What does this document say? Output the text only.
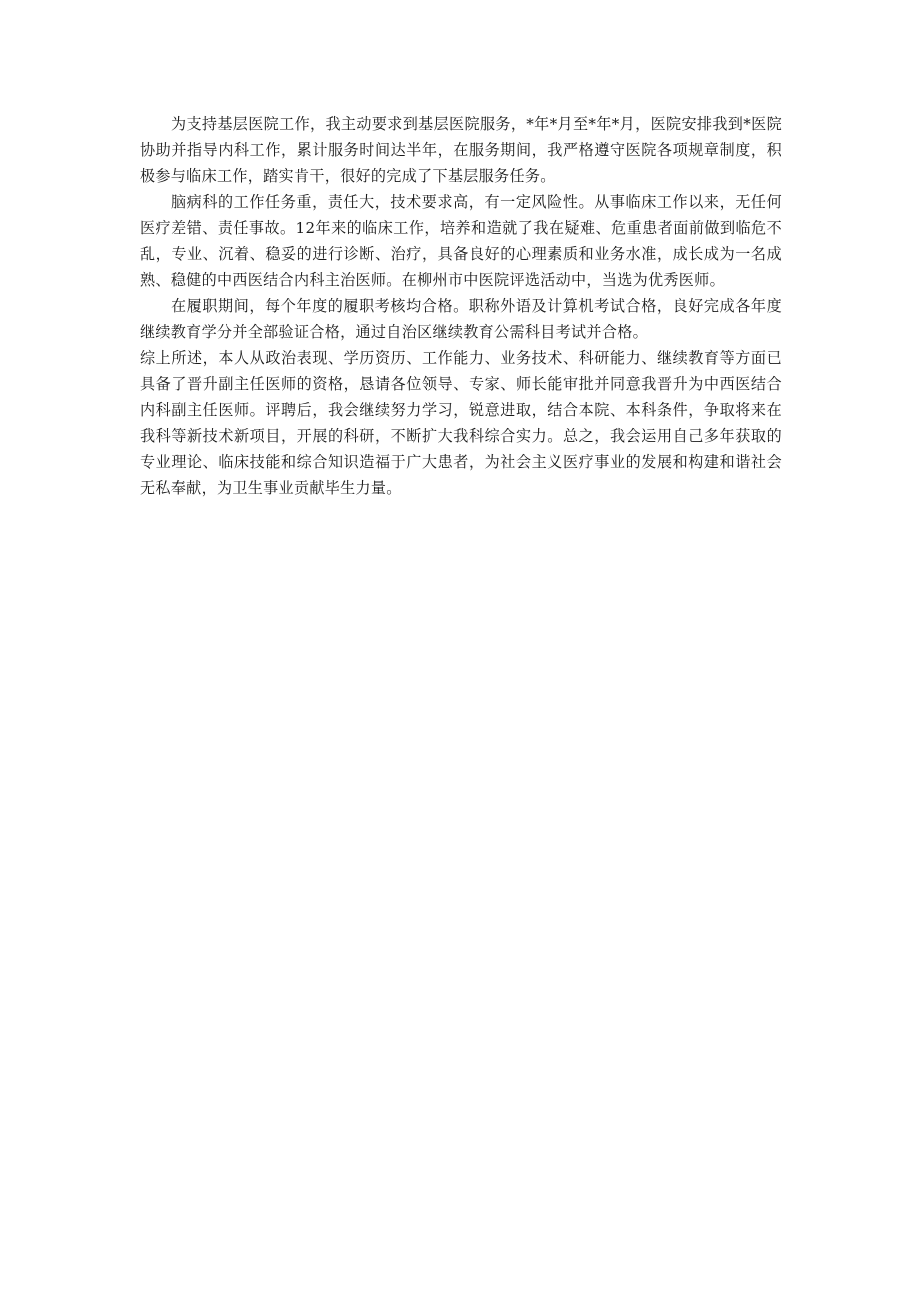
为支持基层医院工作，我主动要求到基层医院服务，*年*月至*年*月，医院安排我到*医院协助并指导内科工作，累计服务时间达半年，在服务期间，我严格遵守医院各项规章制度，积极参与临床工作，踏实肯干，很好的完成了下基层服务任务。

脑病科的工作任务重，责任大，技术要求高，有一定风险性。从事临床工作以来，无任何医疗差错、责任事故。12年来的临床工作，培养和造就了我在疑难、危重患者面前做到临危不乱，专业、沉着、稳妥的进行诊断、治疗，具备良好的心理素质和业务水准，成长成为一名成熟、稳健的中西医结合内科主治医师。在柳州市中医院评选活动中，当选为优秀医师。

在履职期间，每个年度的履职考核均合格。职称外语及计算机考试合格，良好完成各年度继续教育学分并全部验证合格，通过自治区继续教育公需科目考试并合格。

综上所述，本人从政治表现、学历资历、工作能力、业务技术、科研能力、继续教育等方面已具备了晋升副主任医师的资格，恳请各位领导、专家、师长能审批并同意我晋升为中西医结合内科副主任医师。评聘后，我会继续努力学习，锐意进取，结合本院、本科条件，争取将来在我科等新技术新项目，开展的科研，不断扩大我科综合实力。总之，我会运用自己多年获取的专业理论、临床技能和综合知识造福于广大患者，为社会主义医疗事业的发展和构建和谐社会无私奉献，为卫生事业贡献毕生力量。
